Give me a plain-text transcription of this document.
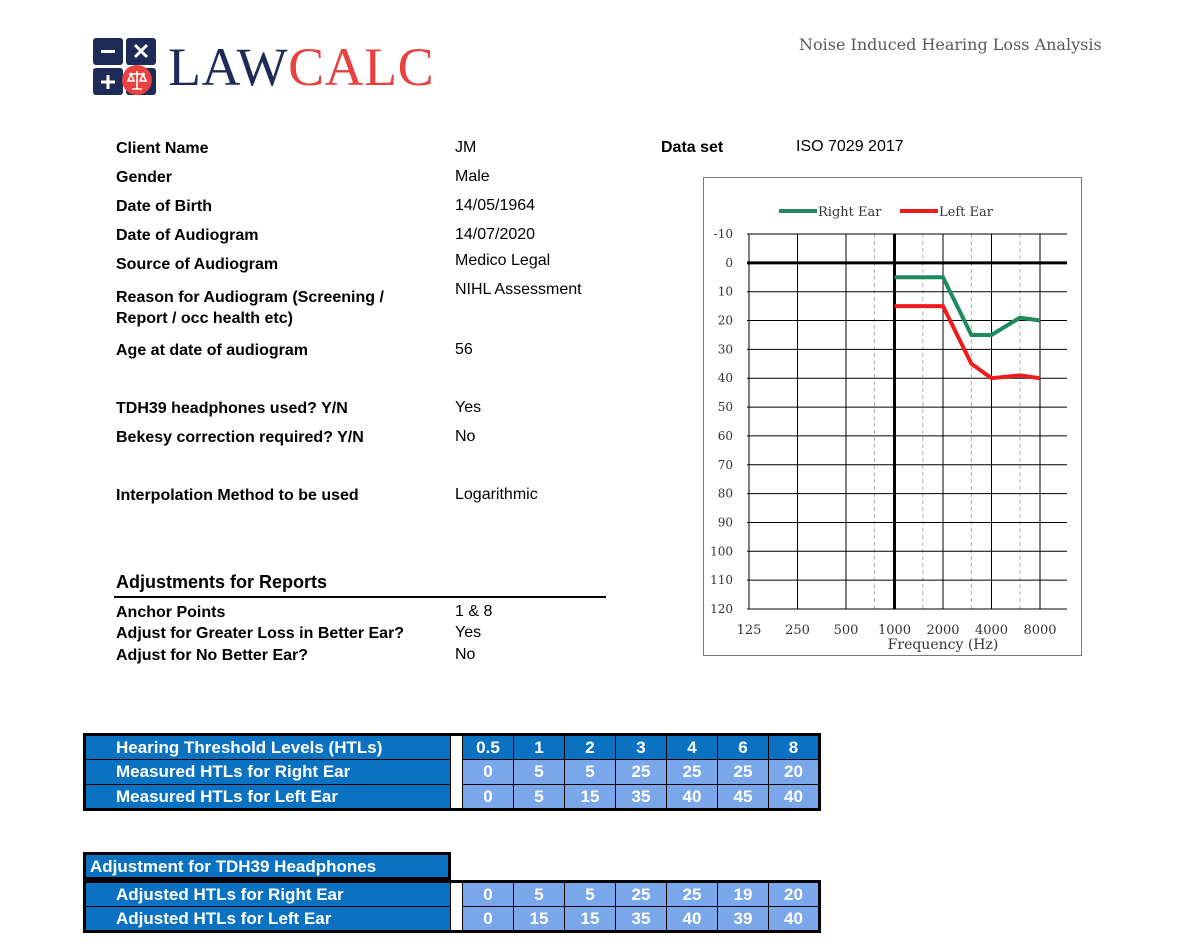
LAWCALC	Noise Induced Hearing Loss Analysis
Client Name	JM
Gender	Male
Date of Birth	14/05/1964
Date of Audiogram	14/07/2020
Source of Audiogram	Medico Legal
Reason for Audiogram (Screening /
Report / occ health etc)
NIHL Assessment
Age at date of audiogram	56
TDH39 headphones used? Y/N	Yes
Bekesy correction required? Y/N	No
Interpolation Method to be used	Logarithmic
Data set	ISO 7029 2017
Adjustments for Reports
Anchor Points	1 & 8
Adjust for Greater Loss in Better Ear?	Yes
Adjust for No Better Ear?	No
-10
0
10
20
30
40
50
60
70
80
90
100
110
120
125 250 500 1000 2000 4000 8000
Frequency (Hz)
Right Ear	Left Ear
Hearing Threshold Levels (HTLs)		0.5	1	2	3	4	6	8
Measured HTLs for Right Ear		0	5	5	25	25	25	20
Measured HTLs for Left Ear		0	5	15	35	40	45	40
Adjustment for TDH39 Headphones
Adjusted HTLs for Right Ear		0	5	5	25	25	19	20
Adjusted HTLs for Left Ear		0	15	15	35	40	39	40
